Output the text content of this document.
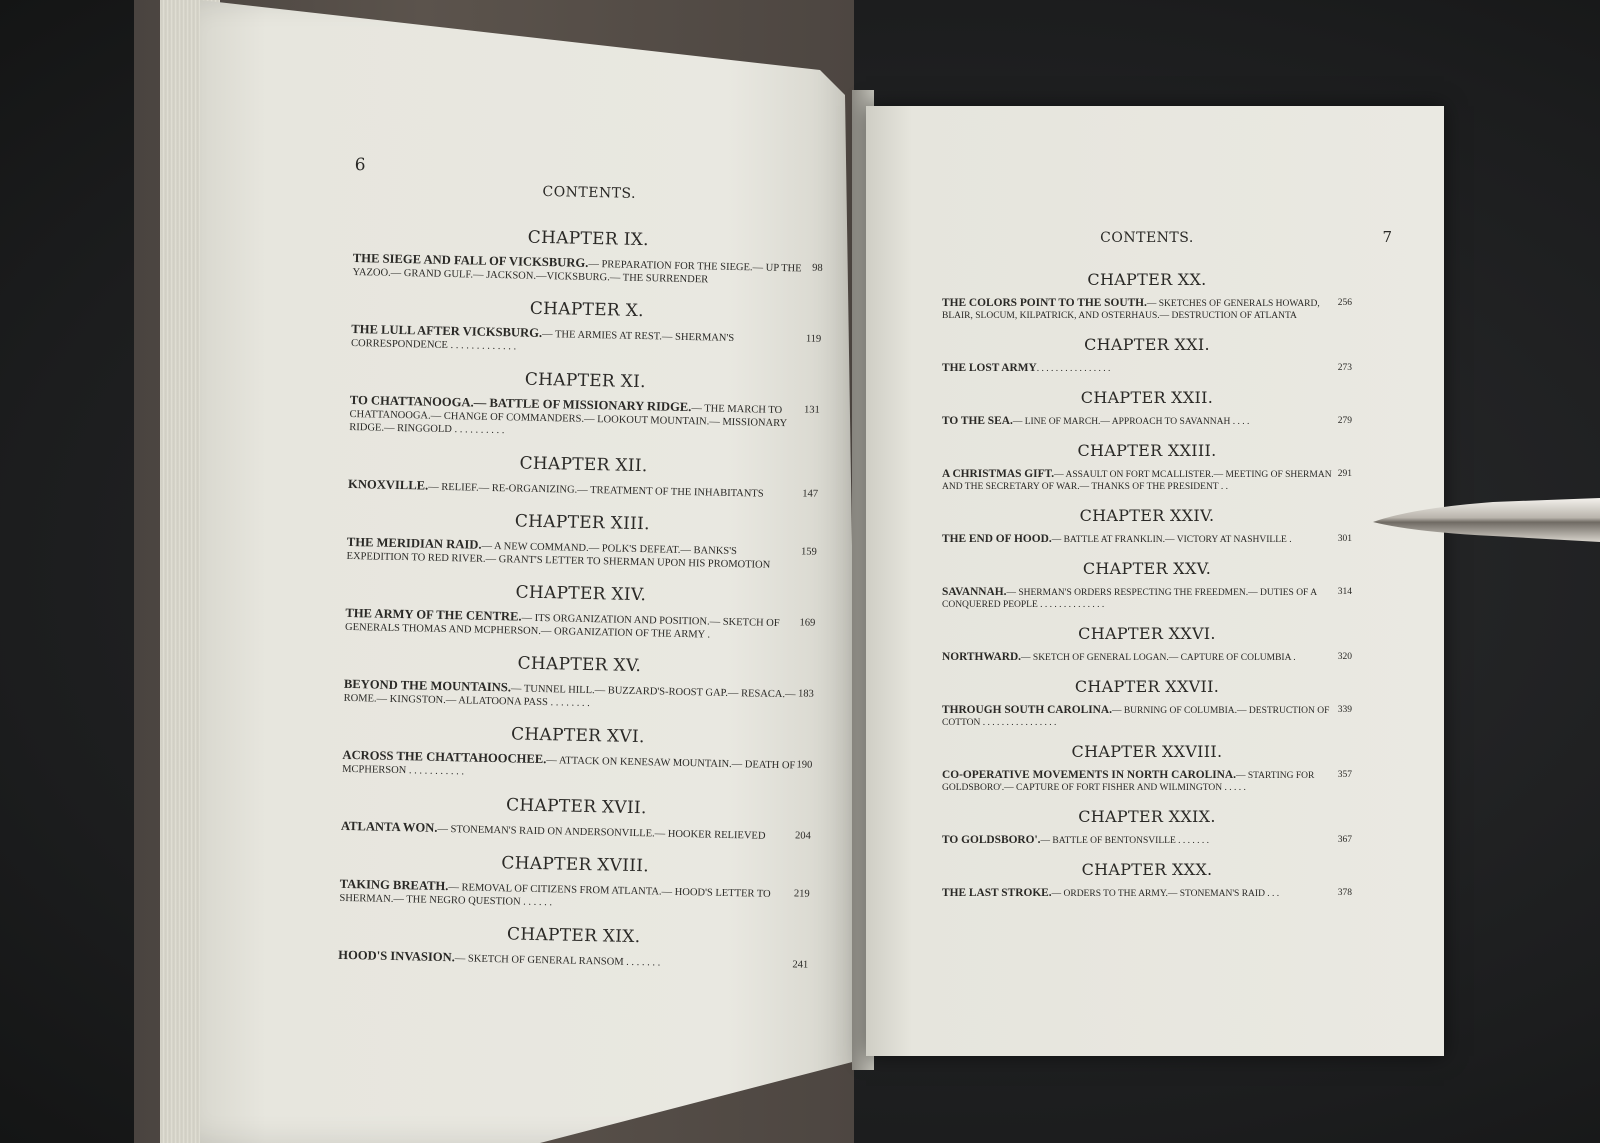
6

CONTENTS.

CHAPTER IX.

98
THE SIEGE AND FALL OF VICKSBURG.— PREPARATION FOR THE SIEGE.— UP THE YAZOO.— GRAND GULF.— JACKSON.—VICKSBURG.— THE SURRENDER

CHAPTER X.

119
THE LULL AFTER VICKSBURG.— THE ARMIES AT REST.— SHERMAN'S CORRESPONDENCE . . . . . . . . . . . . .

CHAPTER XI.

131
TO CHATTANOOGA.— BATTLE OF MISSIONARY RIDGE.— THE MARCH TO CHATTANOOGA.— CHANGE OF COMMANDERS.— LOOKOUT MOUNTAIN.— MISSIONARY RIDGE.— RINGGOLD . . . . . . . . . .

CHAPTER XII.

147
KNOXVILLE.— RELIEF.— RE-ORGANIZING.— TREATMENT OF THE INHABITANTS

CHAPTER XIII.

159
THE MERIDIAN RAID.— A NEW COMMAND.— POLK'S DEFEAT.— BANKS'S EXPEDITION TO RED RIVER.— GRANT'S LETTER TO SHERMAN UPON HIS PROMOTION

CHAPTER XIV.

169
THE ARMY OF THE CENTRE.— ITS ORGANIZATION AND POSITION.— SKETCH OF GENERALS THOMAS AND MCPHERSON.— ORGANIZATION OF THE ARMY .

CHAPTER XV.

183
BEYOND THE MOUNTAINS.— TUNNEL HILL.— BUZZARD'S-ROOST GAP.— RESACA.— ROME.— KINGSTON.— ALLATOONA PASS . . . . . . . .

CHAPTER XVI.

190
ACROSS THE CHATTAHOOCHEE.— ATTACK ON KENESAW MOUNTAIN.— DEATH OF MCPHERSON . . . . . . . . . . .

CHAPTER XVII.

204
ATLANTA WON.— STONEMAN'S RAID ON ANDERSONVILLE.— HOOKER RELIEVED

CHAPTER XVIII.

219
TAKING BREATH.— REMOVAL OF CITIZENS FROM ATLANTA.— HOOD'S LETTER TO SHERMAN.— THE NEGRO QUESTION . . . . . .

CHAPTER XIX.

241
HOOD'S INVASION.— SKETCH OF GENERAL RANSOM . . . . . . .

CONTENTS.	7

CHAPTER XX.

256
THE COLORS POINT TO THE SOUTH.— SKETCHES OF GENERALS HOWARD, BLAIR, SLOCUM, KILPATRICK, AND OSTERHAUS.— DESTRUCTION OF ATLANTA

CHAPTER XXI.

273
THE LOST ARMY. . . . . . . . . . . . . . . .

CHAPTER XXII.

279
TO THE SEA.— LINE OF MARCH.— APPROACH TO SAVANNAH . . . .

CHAPTER XXIII.

291
A CHRISTMAS GIFT.— ASSAULT ON FORT MCALLISTER.— MEETING OF SHERMAN AND THE SECRETARY OF WAR.— THANKS OF THE PRESIDENT . .

CHAPTER XXIV.

301
THE END OF HOOD.— BATTLE AT FRANKLIN.— VICTORY AT NASHVILLE .

CHAPTER XXV.

314
SAVANNAH.— SHERMAN'S ORDERS RESPECTING THE FREEDMEN.— DUTIES OF A CONQUERED PEOPLE . . . . . . . . . . . . . .

CHAPTER XXVI.

320
NORTHWARD.— SKETCH OF GENERAL LOGAN.— CAPTURE OF COLUMBIA .

CHAPTER XXVII.

339
THROUGH SOUTH CAROLINA.— BURNING OF COLUMBIA.— DESTRUCTION OF COTTON . . . . . . . . . . . . . . . .

CHAPTER XXVIII.

357
CO-OPERATIVE MOVEMENTS IN NORTH CAROLINA.— STARTING FOR GOLDSBORO'.— CAPTURE OF FORT FISHER AND WILMINGTON . . . . .

CHAPTER XXIX.

367
TO GOLDSBORO'.— BATTLE OF BENTONSVILLE . . . . . . .

CHAPTER XXX.

378
THE LAST STROKE.— ORDERS TO THE ARMY.— STONEMAN'S RAID . . .
